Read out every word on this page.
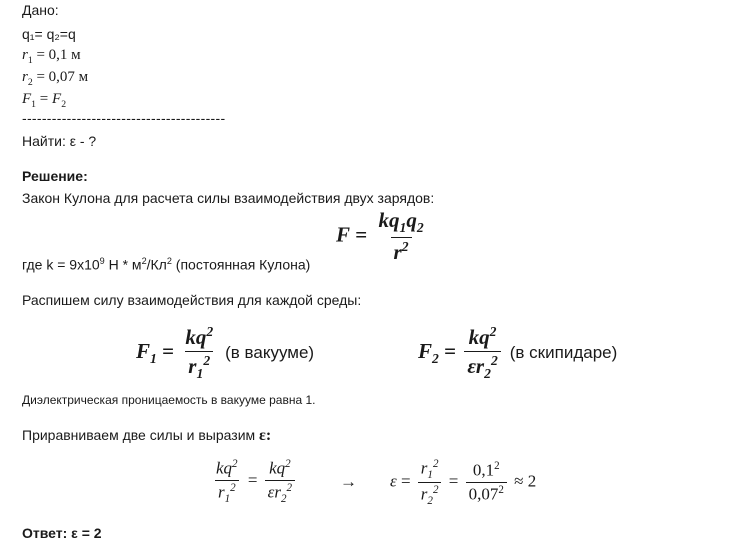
Дано:
q₁= q₂=q
$r_1 = 0,1$ м
$r_2 = 0,07$ м
$F_1 = F_2$
-----------------------------------------
Найти: ε - ?
Решение:
Закон Кулона для расчета силы взаимодействия двух зарядов:
$F = \frac{kq_1q_2}{r^2}$
где $k = 9x10^9$ Н * $м^2/Кл^2$ (постоянная Кулона)
Распишем силу взаимодействия для каждой среды:
$F_1 = \frac{kq^2}{r_1^2} (в$ вакууме)	$F_2 = \frac{kq^2}{\varepsilon r_2^2} (в$ скипидаре)
Диэлектрическая проницаемость в вакууме равна 1.
Приравниваем две силы и выразим ε:
$\frac{kq^2}{r_1^2} = \frac{kq^2}{\varepsilon r_2^2}$	→ $\varepsilon = \frac{r_1^2}{r_2^2} = \frac{0,1^2}{0,07^2} \approx 2$
Ответ: ε = 2
